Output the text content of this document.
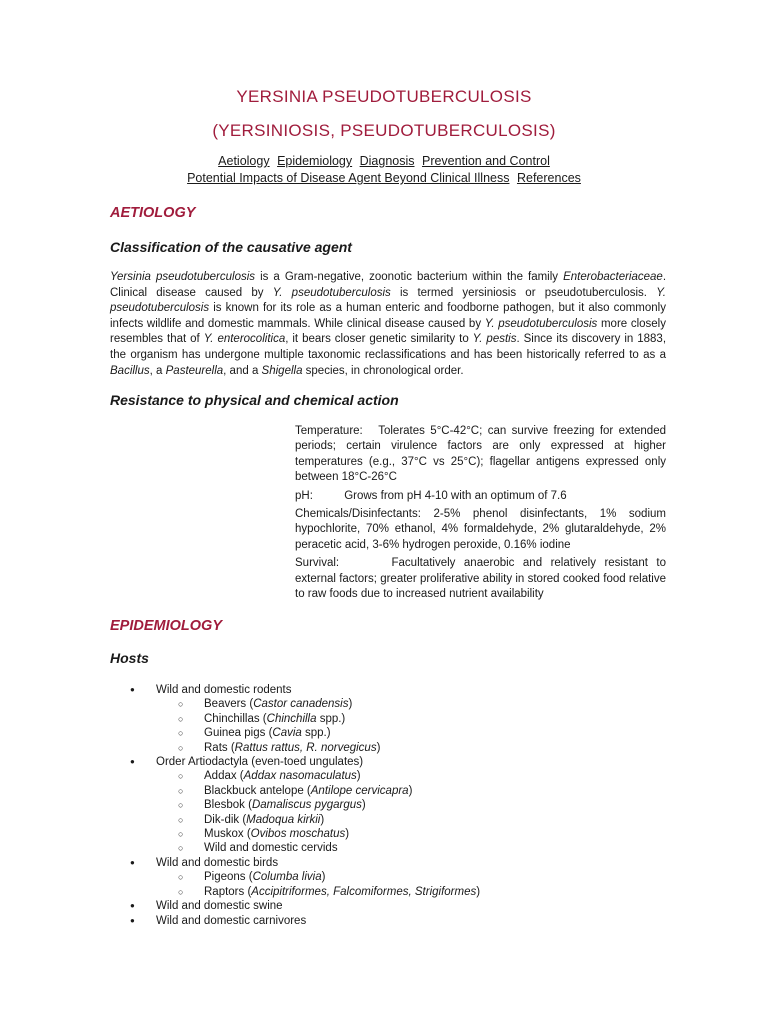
YERSINIA PSEUDOTUBERCULOSIS
(YERSINIOSIS, PSEUDOTUBERCULOSIS)
Aetiology Epidemiology Diagnosis Prevention and Control
Potential Impacts of Disease Agent Beyond Clinical Illness References
AETIOLOGY
Classification of the causative agent
Yersinia pseudotuberculosis is a Gram-negative, zoonotic bacterium within the family Enterobacteriaceae. Clinical disease caused by Y. pseudotuberculosis is termed yersiniosis or pseudotuberculosis. Y. pseudotuberculosis is known for its role as a human enteric and foodborne pathogen, but it also commonly infects wildlife and domestic mammals. While clinical disease caused by Y. pseudotuberculosis more closely resembles that of Y. enterocolitica, it bears closer genetic similarity to Y. pestis. Since its discovery in 1883, the organism has undergone multiple taxonomic reclassifications and has been historically referred to as a Bacillus, a Pasteurella, and a Shigella species, in chronological order.
Resistance to physical and chemical action
Temperature: Tolerates 5°C-42°C; can survive freezing for extended periods; certain virulence factors are only expressed at higher temperatures (e.g., 37°C vs 25°C); flagellar antigens expressed only between 18°C-26°C
pH:	Grows from pH 4-10 with an optimum of 7.6
Chemicals/Disinfectants: 2-5% phenol disinfectants, 1% sodium hypochlorite, 70% ethanol, 4% formaldehyde, 2% glutaraldehyde, 2% peracetic acid, 3-6% hydrogen peroxide, 0.16% iodine
Survival:	Facultatively anaerobic and relatively resistant to external factors; greater proliferative ability in stored cooked food relative to raw foods due to increased nutrient availability
EPIDEMIOLOGY
Hosts
● Wild and domestic rodents
○ Beavers (Castor canadensis)
○ Chinchillas (Chinchilla spp.)
○ Guinea pigs (Cavia spp.)
○ Rats (Rattus rattus, R. norvegicus)
● Order Artiodactyla (even-toed ungulates)
○ Addax (Addax nasomaculatus)
○ Blackbuck antelope (Antilope cervicapra)
○ Blesbok (Damaliscus pygargus)
○ Dik-dik (Madoqua kirkii)
○ Muskox (Ovibos moschatus)
○ Wild and domestic cervids
● Wild and domestic birds
○ Pigeons (Columba livia)
○ Raptors (Accipitriformes, Falcomiformes, Strigiformes)
● Wild and domestic swine
● Wild and domestic carnivores
